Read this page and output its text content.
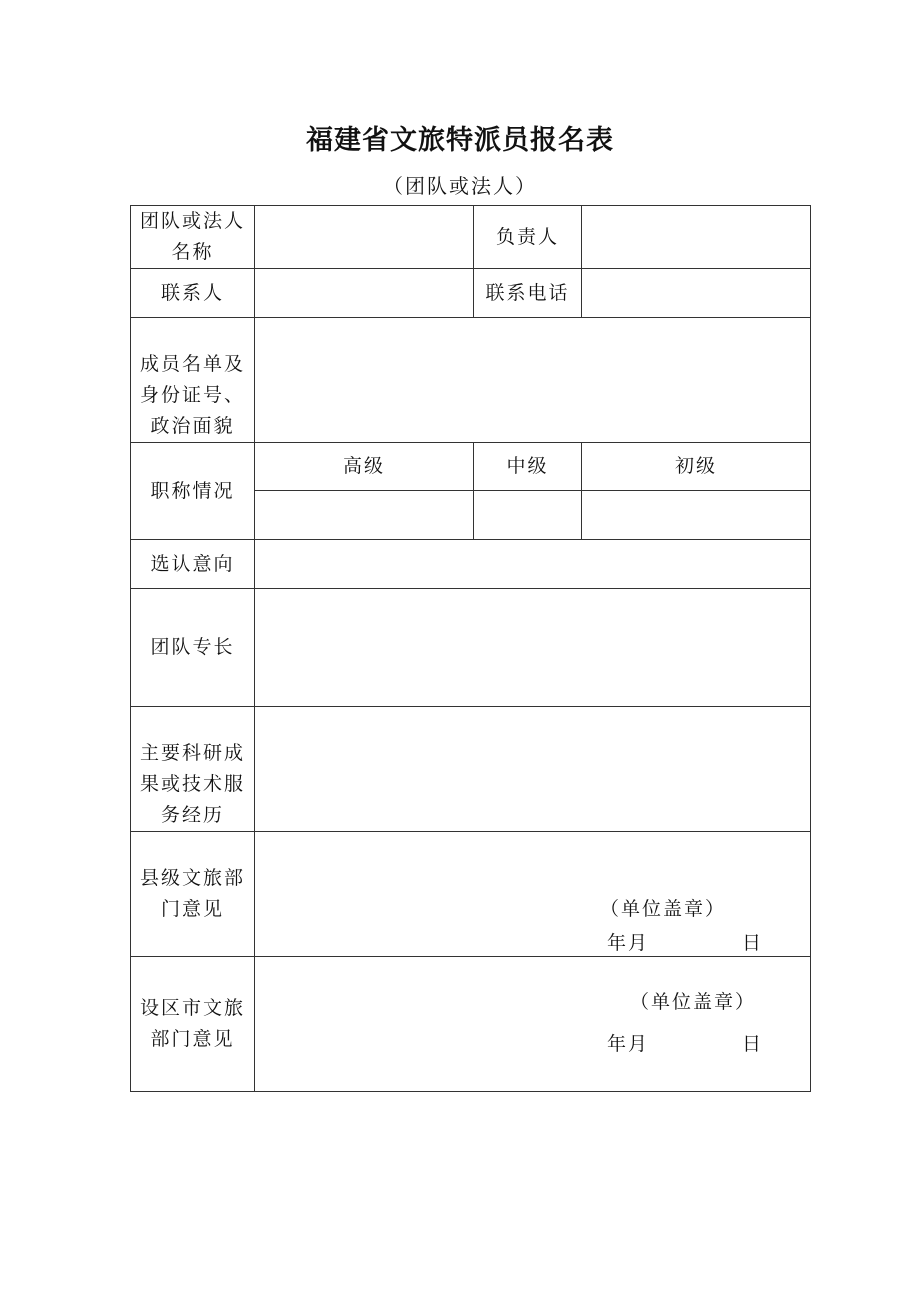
福建省文旅特派员报名表
（团队或法人）
团队或法人名称		负责人	
联系人		联系电话	
成员名单及身份证号、政治面貌			
职称情况	高级	中级	初级

选认意向			
团队专长			
主要科研成果或技术服务经历			
县级文旅部门意见	（单位盖章）
年月 日		

设区市文旅部门意见	（单位盖章）
年月 日		
